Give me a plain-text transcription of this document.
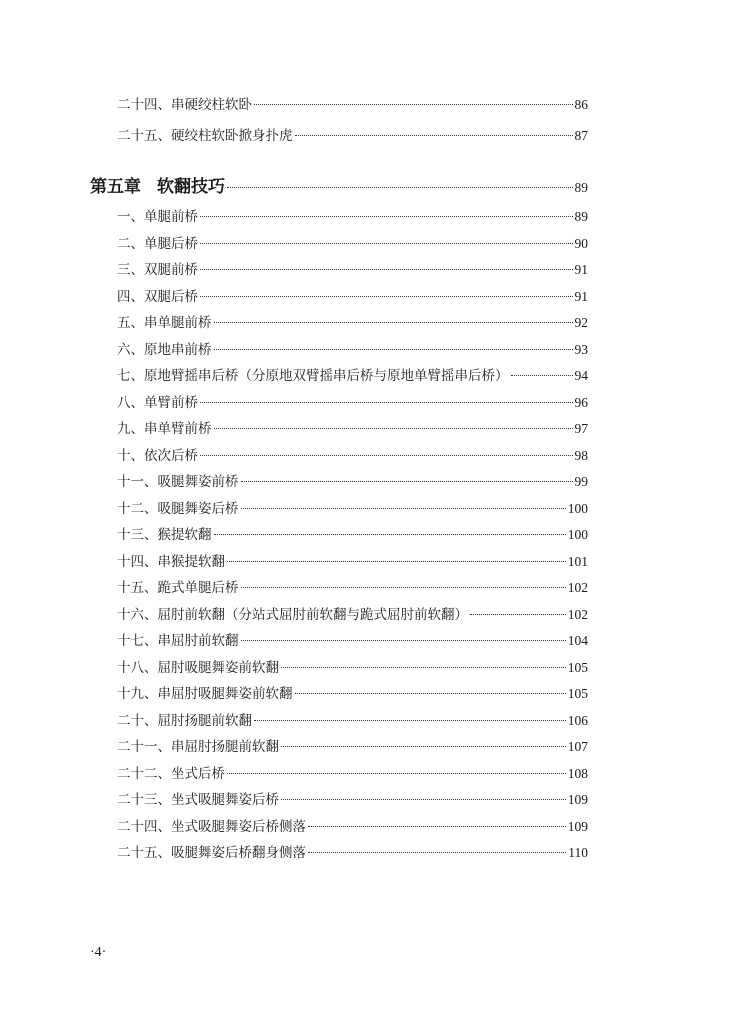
二十四、串硬绞柱软卧	86
二十五、硬绞柱软卧掀身扑虎	87
第五章 软翻技巧	89
一、单腿前桥	89
二、单腿后桥	90
三、双腿前桥	91
四、双腿后桥	91
五、串单腿前桥	92
六、原地串前桥	93
七、原地臂摇串后桥（分原地双臂摇串后桥与原地单臂摇串后桥）	94
八、单臂前桥	96
九、串单臂前桥	97
十、依次后桥	98
十一、吸腿舞姿前桥	99
十二、吸腿舞姿后桥	100
十三、猴提软翻	100
十四、串猴提软翻	101
十五、跪式单腿后桥	102
十六、屈肘前软翻（分站式屈肘前软翻与跪式屈肘前软翻）	102
十七、串屈肘前软翻	104
十八、屈肘吸腿舞姿前软翻	105
十九、串屈肘吸腿舞姿前软翻	105
二十、屈肘扬腿前软翻	106
二十一、串屈肘扬腿前软翻	107
二十二、坐式后桥	108
二十三、坐式吸腿舞姿后桥	109
二十四、坐式吸腿舞姿后桥侧落	109
二十五、吸腿舞姿后桥翻身侧落	110
·4·
